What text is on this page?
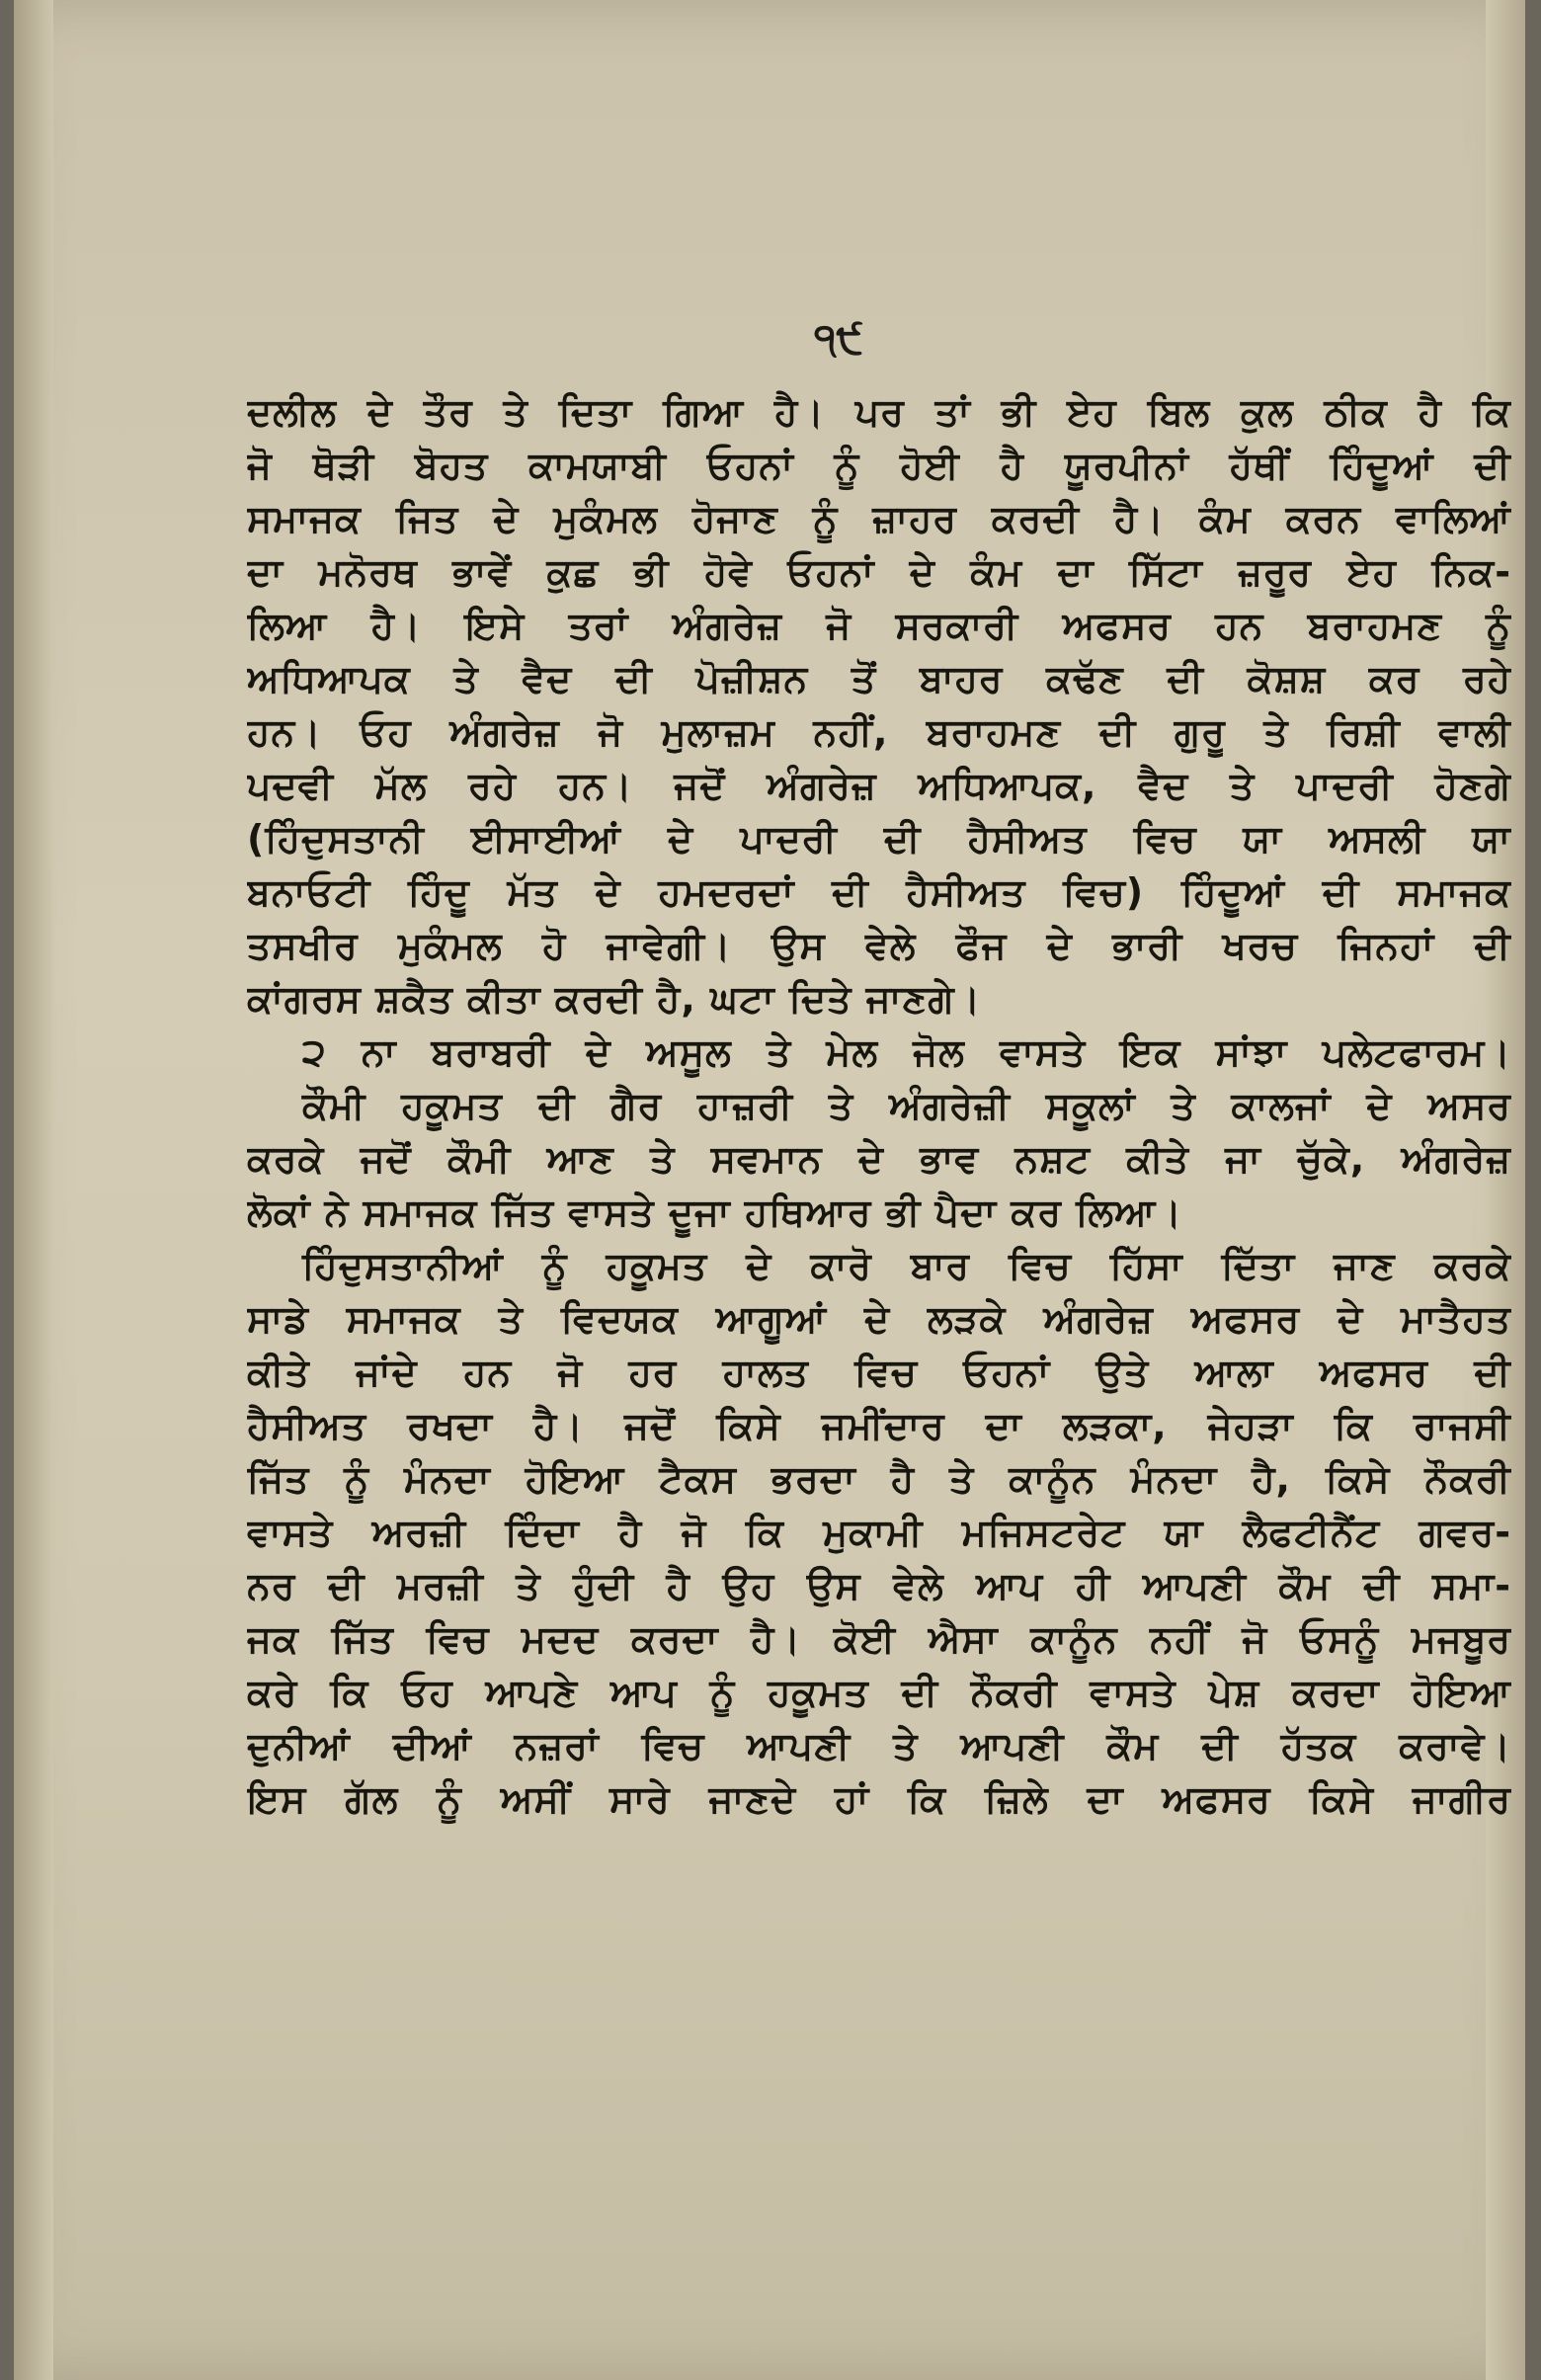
੧੯
ਦਲੀਲ ਦੇ ਤੌਰ ਤੇ ਦਿਤਾ ਗਿਆ ਹੈ। ਪਰ ਤਾਂ ਭੀ ਏਹ ਬਿਲ ਕੁਲ ਠੀਕ ਹੈ ਕਿ
ਜੋ ਥੋੜੀ ਬੋਹਤ ਕਾਮਯਾਬੀ ਓਹਨਾਂ ਨੂੰ ਹੋਈ ਹੈ ਯੂਰਪੀਨਾਂ ਹੱਥੀਂ ਹਿੰਦੂਆਂ ਦੀ
ਸਮਾਜਕ ਜਿਤ ਦੇ ਮੁਕੰਮਲ ਹੋਜਾਣ ਨੂੰ ਜ਼ਾਹਰ ਕਰਦੀ ਹੈ। ਕੰਮ ਕਰਨ ਵਾਲਿਆਂ
ਦਾ ਮਨੋਰਥ ਭਾਵੇਂ ਕੁਛ ਭੀ ਹੋਵੇ ਓਹਨਾਂ ਦੇ ਕੰਮ ਦਾ ਸਿੱਟਾ ਜ਼ਰੂਰ ਏਹ ਨਿਕ-
ਲਿਆ ਹੈ। ਇਸੇ ਤਰਾਂ ਅੰਗਰੇਜ਼ ਜੋ ਸਰਕਾਰੀ ਅਫਸਰ ਹਨ ਬਰਾਹਮਣ ਨੂੰ
ਅਧਿਆਪਕ ਤੇ ਵੈਦ ਦੀ ਪੋਜ਼ੀਸ਼ਨ ਤੋਂ ਬਾਹਰ ਕਢੱਣ ਦੀ ਕੋਸ਼ਸ਼ ਕਰ ਰਹੇ
ਹਨ। ਓਹ ਅੰਗਰੇਜ਼ ਜੋ ਮੁਲਾਜ਼ਮ ਨਹੀਂ, ਬਰਾਹਮਣ ਦੀ ਗੁਰੂ ਤੇ ਰਿਸ਼ੀ ਵਾਲੀ
ਪਦਵੀ ਮੱਲ ਰਹੇ ਹਨ। ਜਦੋਂ ਅੰਗਰੇਜ਼ ਅਧਿਆਪਕ, ਵੈਦ ਤੇ ਪਾਦਰੀ ਹੋਣਗੇ
(ਹਿੰਦੁਸਤਾਨੀ ਈਸਾਈਆਂ ਦੇ ਪਾਦਰੀ ਦੀ ਹੈਸੀਅਤ ਵਿਚ ਯਾ ਅਸਲੀ ਯਾ
ਬਨਾਓਟੀ ਹਿੰਦੂ ਮੱਤ ਦੇ ਹਮਦਰਦਾਂ ਦੀ ਹੈਸੀਅਤ ਵਿਚ) ਹਿੰਦੂਆਂ ਦੀ ਸਮਾਜਕ
ਤਸਖੀਰ ਮੁਕੰਮਲ ਹੋ ਜਾਵੇਗੀ। ਉਸ ਵੇਲੇ ਫੌਜ ਦੇ ਭਾਰੀ ਖਰਚ ਜਿਨਹਾਂ ਦੀ
ਕਾਂਗਰਸ ਸ਼ਕੈਤ ਕੀਤਾ ਕਰਦੀ ਹੈ, ਘਟਾ ਦਿਤੇ ਜਾਣਗੇ।
੨ ਨਾ ਬਰਾਬਰੀ ਦੇ ਅਸੂਲ ਤੇ ਮੇਲ ਜੋਲ ਵਾਸਤੇ ਇਕ ਸਾਂਝਾ ਪਲੇਟਫਾਰਮ।
ਕੌਮੀ ਹਕੂਮਤ ਦੀ ਗੈਰ ਹਾਜ਼ਰੀ ਤੇ ਅੰਗਰੇਜ਼ੀ ਸਕੂਲਾਂ ਤੇ ਕਾਲਜਾਂ ਦੇ ਅਸਰ
ਕਰਕੇ ਜਦੋਂ ਕੌਮੀ ਆਣ ਤੇ ਸਵਮਾਨ ਦੇ ਭਾਵ ਨਸ਼ਟ ਕੀਤੇ ਜਾ ਚੁੱਕੇ, ਅੰਗਰੇਜ਼
ਲੋਕਾਂ ਨੇ ਸਮਾਜਕ ਜਿੱਤ ਵਾਸਤੇ ਦੂਜਾ ਹਥਿਆਰ ਭੀ ਪੈਦਾ ਕਰ ਲਿਆ।
ਹਿੰਦੁਸਤਾਨੀਆਂ ਨੂੰ ਹਕੂਮਤ ਦੇ ਕਾਰੋ ਬਾਰ ਵਿਚ ਹਿੱਸਾ ਦਿੱਤਾ ਜਾਣ ਕਰਕੇ
ਸਾਡੇ ਸਮਾਜਕ ਤੇ ਵਿਦਯਕ ਆਗੂਆਂ ਦੇ ਲੜਕੇ ਅੰਗਰੇਜ਼ ਅਫਸਰ ਦੇ ਮਾਤੈਹਤ
ਕੀਤੇ ਜਾਂਦੇ ਹਨ ਜੋ ਹਰ ਹਾਲਤ ਵਿਚ ਓਹਨਾਂ ਉਤੇ ਆਲਾ ਅਫਸਰ ਦੀ
ਹੈਸੀਅਤ ਰਖਦਾ ਹੈ। ਜਦੋਂ ਕਿਸੇ ਜਮੀਂਦਾਰ ਦਾ ਲੜਕਾ, ਜੇਹੜਾ ਕਿ ਰਾਜਸੀ
ਜਿੱਤ ਨੂੰ ਮੰਨਦਾ ਹੋਇਆ ਟੈਕਸ ਭਰਦਾ ਹੈ ਤੇ ਕਾਨੂੰਨ ਮੰਨਦਾ ਹੈ, ਕਿਸੇ ਨੌਕਰੀ
ਵਾਸਤੇ ਅਰਜ਼ੀ ਦਿੰਦਾ ਹੈ ਜੋ ਕਿ ਮੁਕਾਮੀ ਮਜਿਸਟਰੇਟ ਯਾ ਲੈਫਟੀਨੈਂਟ ਗਵਰ-
ਨਰ ਦੀ ਮਰਜ਼ੀ ਤੇ ਹੁੰਦੀ ਹੈ ਉਹ ਉਸ ਵੇਲੇ ਆਪ ਹੀ ਆਪਣੀ ਕੌਮ ਦੀ ਸਮਾ-
ਜਕ ਜਿੱਤ ਵਿਚ ਮਦਦ ਕਰਦਾ ਹੈ। ਕੋਈ ਐਸਾ ਕਾਨੂੰਨ ਨਹੀਂ ਜੋ ਓਸਨੂੰ ਮਜਬੂਰ
ਕਰੇ ਕਿ ਓਹ ਆਪਣੇ ਆਪ ਨੂੰ ਹਕੂਮਤ ਦੀ ਨੌਕਰੀ ਵਾਸਤੇ ਪੇਸ਼ ਕਰਦਾ ਹੋਇਆ
ਦੁਨੀਆਂ ਦੀਆਂ ਨਜ਼ਰਾਂ ਵਿਚ ਆਪਣੀ ਤੇ ਆਪਣੀ ਕੌਮ ਦੀ ਹੱਤਕ ਕਰਾਵੇ।
ਇਸ ਗੱਲ ਨੂੰ ਅਸੀਂ ਸਾਰੇ ਜਾਣਦੇ ਹਾਂ ਕਿ ਜ਼ਿਲੇ ਦਾ ਅਫਸਰ ਕਿਸੇ ਜਾਗੀਰ
